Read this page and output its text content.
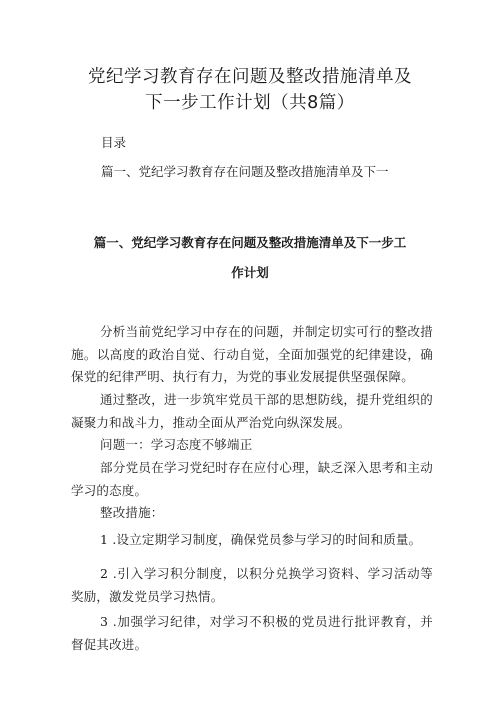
党纪学习教育存在问题及整改措施清单及
下一步工作计划（共8篇）

目录

篇一、党纪学习教育存在问题及整改措施清单及下一

篇一、党纪学习教育存在问题及整改措施清单及下一步工
作计划

分析当前党纪学习中存在的问题，并制定切实可行的整改措施。以高度的政治自觉、行动自觉，全面加强党的纪律建设，确保党的纪律严明、执行有力，为党的事业发展提供坚强保障。

通过整改，进一步筑牢党员干部的思想防线，提升党组织的凝聚力和战斗力，推动全面从严治党向纵深发展。

问题一：学习态度不够端正

部分党员在学习党纪时存在应付心理，缺乏深入思考和主动学习的态度。

整改措施：

1 .设立定期学习制度，确保党员参与学习的时间和质量。

2 .引入学习积分制度，以积分兑换学习资料、学习活动等奖励，激发党员学习热情。

3 .加强学习纪律，对学习不积极的党员进行批评教育，并督促其改进。
